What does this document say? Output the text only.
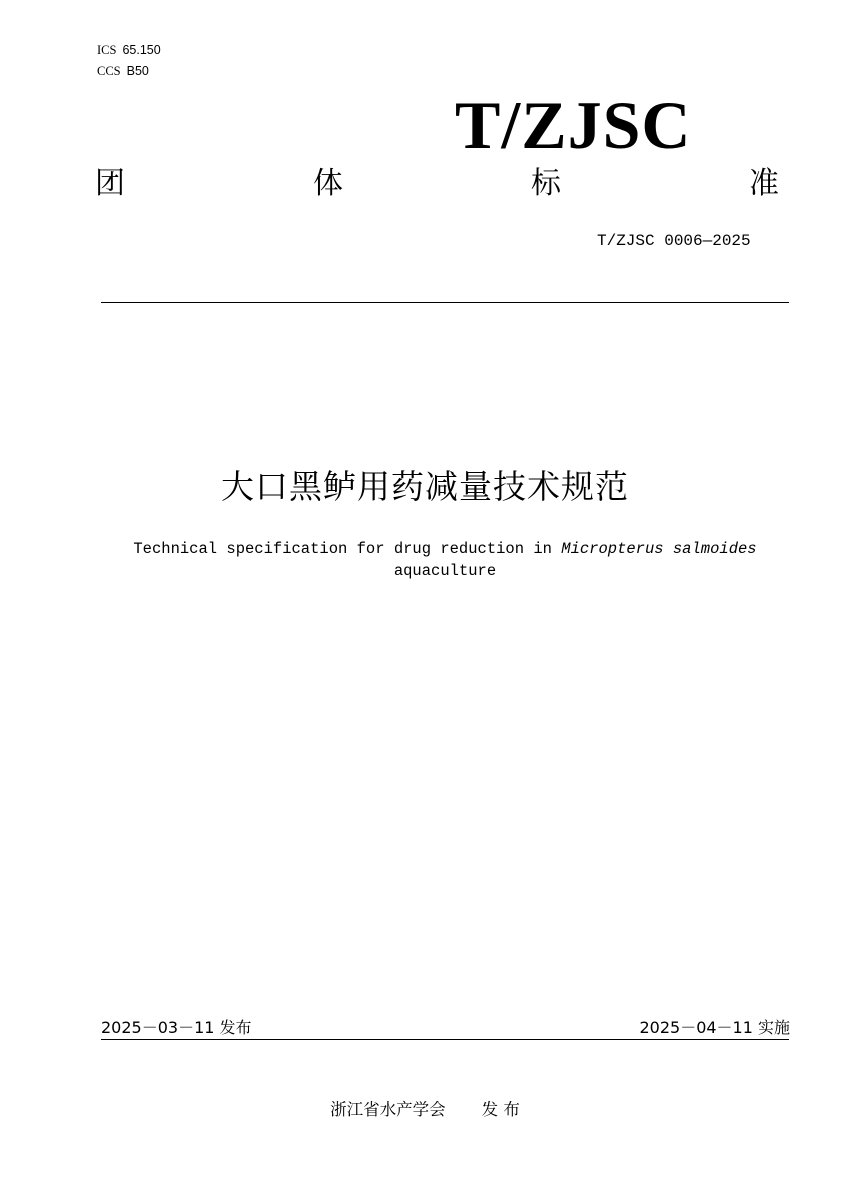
ICS 65.150
CCS B50
T/ZJSC
团	体	标	准
T/ZJSC 0006—2025
大口黑鲈用药减量技术规范
Technical specification for drug reduction in Micropterus salmoides
aquaculture
2025－03－11 发布	2025－04－11 实施
浙江省水产学会 发 布
